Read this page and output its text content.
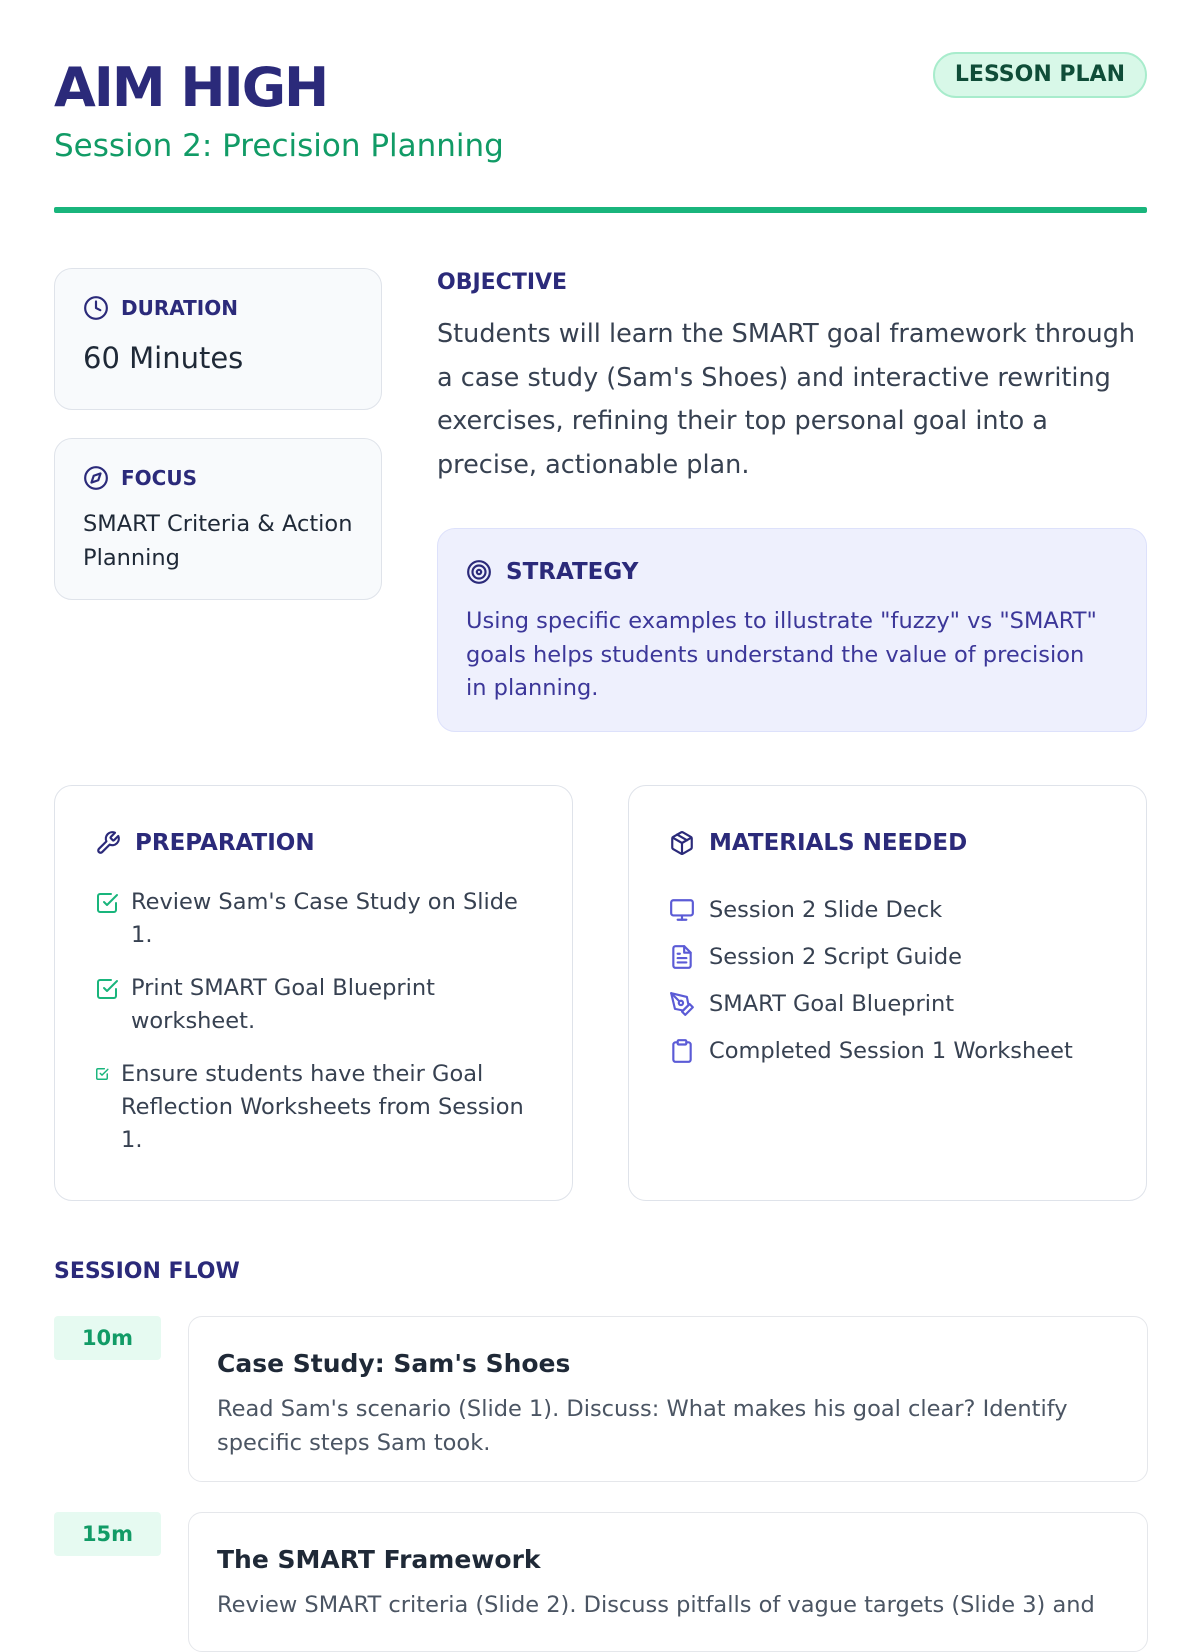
AIM HIGH
Session 2: Precision Planning
LESSON PLAN
DURATION
60 Minutes
FOCUS
SMART Criteria & Action Planning
OBJECTIVE
Students will learn the SMART goal framework through a case study (Sam's Shoes) and interactive rewriting exercises, refining their top personal goal into a precise, actionable plan.
STRATEGY
Using specific examples to illustrate "fuzzy" vs "SMART" goals helps students understand the value of precision in planning.
PREPARATION
Review Sam's Case Study on Slide 1.
Print SMART Goal Blueprint worksheet.
Ensure students have their Goal Reflection Worksheets from Session 1.
MATERIALS NEEDED
Session 2 Slide Deck
Session 2 Script Guide
SMART Goal Blueprint
Completed Session 1 Worksheet
SESSION FLOW
10m
Case Study: Sam's Shoes
Read Sam's scenario (Slide 1). Discuss: What makes his goal clear? Identify specific steps Sam took.
15m
The SMART Framework
Review SMART criteria (Slide 2). Discuss pitfalls of vague targets (Slide 3) and
